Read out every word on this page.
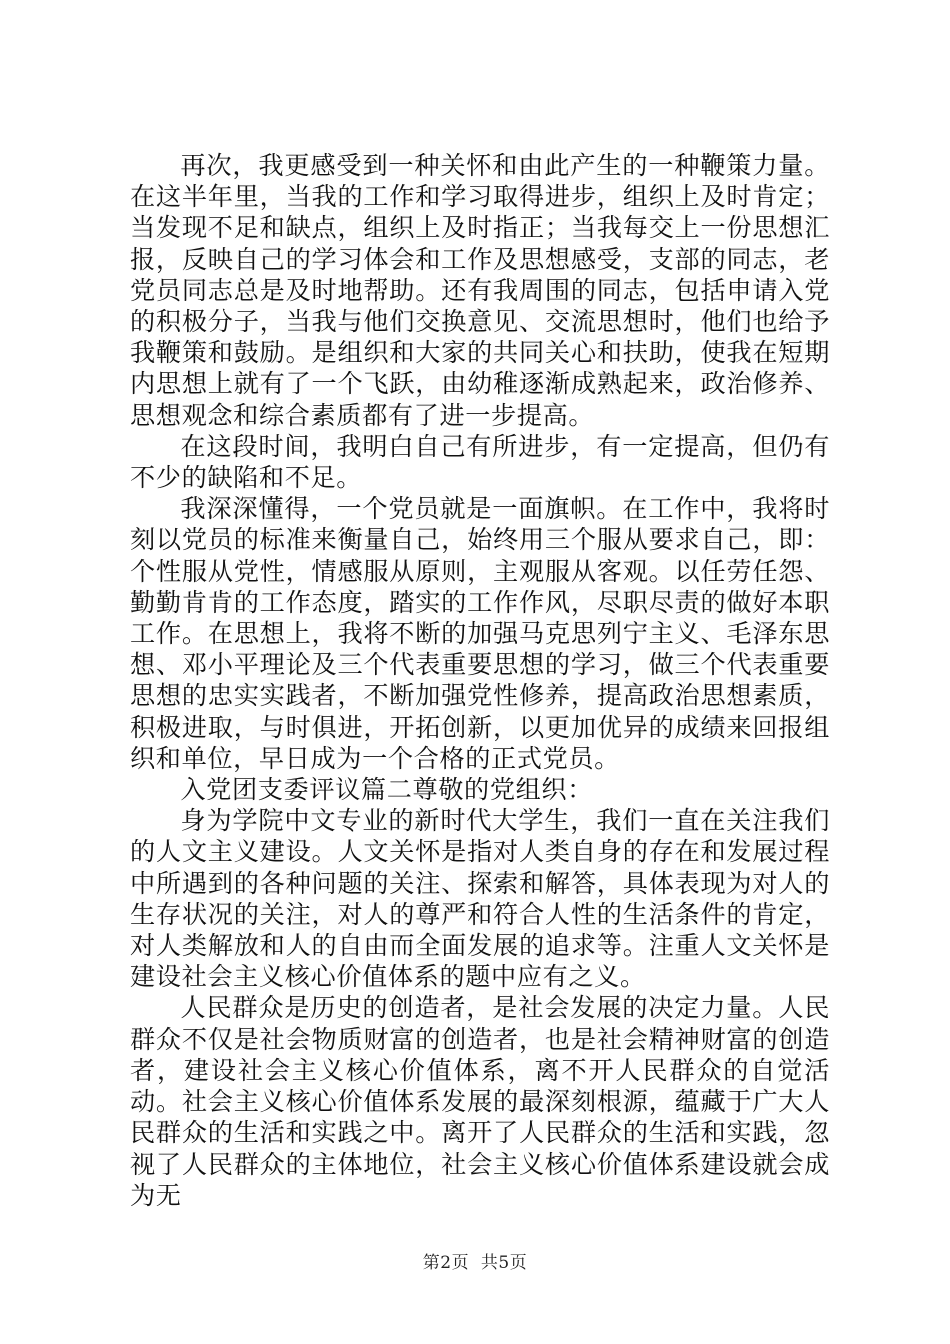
再次，我更感受到一种关怀和由此产生的一种鞭策力量。在这半年里，当我的工作和学习取得进步，组织上及时肯定；当发现不足和缺点，组织上及时指正；当我每交上一份思想汇报，反映自己的学习体会和工作及思想感受，支部的同志，老党员同志总是及时地帮助。还有我周围的同志，包括申请入党的积极分子，当我与他们交换意见、交流思想时，他们也给予我鞭策和鼓励。是组织和大家的共同关心和扶助，使我在短期内思想上就有了一个飞跃，由幼稚逐渐成熟起来，政治修养、思想观念和综合素质都有了进一步提高。

在这段时间，我明白自己有所进步，有一定提高，但仍有不少的缺陷和不足。

我深深懂得，一个党员就是一面旗帜。在工作中，我将时刻以党员的标准来衡量自己，始终用三个服从要求自己，即：个性服从党性，情感服从原则，主观服从客观。以任劳任怨、勤勤肯肯的工作态度，踏实的工作作风，尽职尽责的做好本职工作。在思想上，我将不断的加强马克思列宁主义、毛泽东思想、邓小平理论及三个代表重要思想的学习，做三个代表重要思想的忠实实践者，不断加强党性修养，提高政治思想素质，积极进取，与时俱进，开拓创新，以更加优异的成绩来回报组织和单位，早日成为一个合格的正式党员。

入党团支委评议篇二尊敬的党组织：

身为学院中文专业的新时代大学生，我们一直在关注我们的人文主义建设。人文关怀是指对人类自身的存在和发展过程中所遇到的各种问题的关注、探索和解答，具体表现为对人的生存状况的关注，对人的尊严和符合人性的生活条件的肯定，对人类解放和人的自由而全面发展的追求等。注重人文关怀是建设社会主义核心价值体系的题中应有之义。

人民群众是历史的创造者，是社会发展的决定力量。人民群众不仅是社会物质财富的创造者，也是社会精神财富的创造者，建设社会主义核心价值体系，离不开人民群众的自觉活动。社会主义核心价值体系发展的最深刻根源，蕴藏于广大人民群众的生活和实践之中。离开了人民群众的生活和实践，忽视了人民群众的主体地位，社会主义核心价值体系建设就会成为无

第2页  共5页
